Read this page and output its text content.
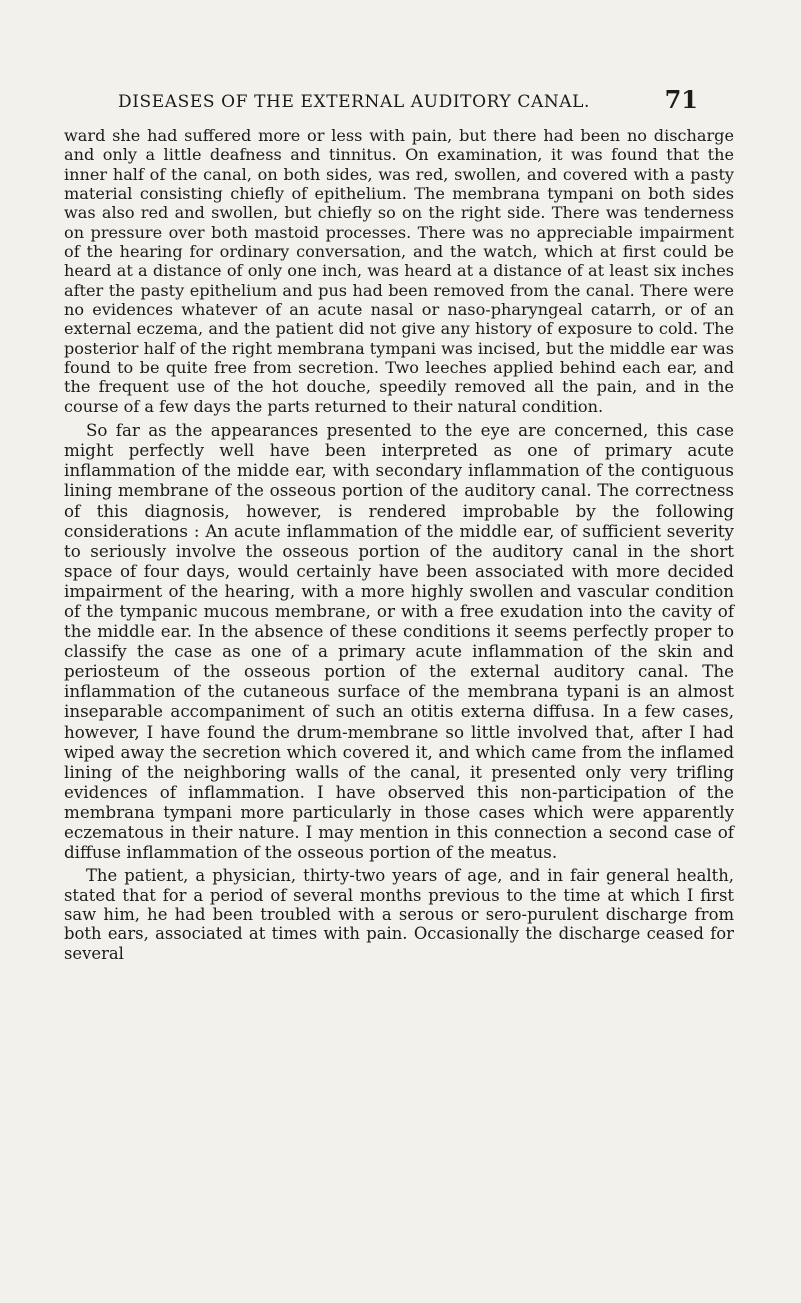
DISEASES OF THE EXTERNAL AUDITORY CANAL.	71

ward she had suffered more or less with pain, but there had been no discharge and only a little deafness and tinnitus. On examination, it was found that the inner half of the canal, on both sides, was red, swollen, and covered with a pasty material consisting chiefly of epithelium. The membrana tympani on both sides was also red and swollen, but chiefly so on the right side. There was tenderness on pressure over both mastoid processes. There was no appreciable impairment of the hearing for ordinary conversation, and the watch, which at first could be heard at a distance of only one inch, was heard at a distance of at least six inches after the pasty epithelium and pus had been removed from the canal. There were no evidences whatever of an acute nasal or naso-pharyngeal catarrh, or of an external eczema, and the patient did not give any history of exposure to cold. The posterior half of the right membrana tympani was incised, but the middle ear was found to be quite free from secretion. Two leeches applied behind each ear, and the frequent use of the hot douche, speedily removed all the pain, and in the course of a few days the parts returned to their natural condition.

So far as the appearances presented to the eye are concerned, this case might perfectly well have been interpreted as one of primary acute inflammation of the midde ear, with secondary inflammation of the contiguous lining membrane of the osseous portion of the auditory canal. The correctness of this diagnosis, however, is rendered improbable by the following considerations : An acute inflammation of the middle ear, of sufficient severity to seriously involve the osseous portion of the auditory canal in the short space of four days, would certainly have been associated with more decided impairment of the hearing, with a more highly swollen and vascular condition of the tympanic mucous membrane, or with a free exudation into the cavity of the middle ear. In the absence of these conditions it seems perfectly proper to classify the case as one of a primary acute inflammation of the skin and periosteum of the osseous portion of the external auditory canal. The inflammation of the cutaneous surface of the membrana typani is an almost inseparable accompaniment of such an otitis externa diffusa. In a few cases, however, I have found the drum-membrane so little involved that, after I had wiped away the secretion which covered it, and which came from the inflamed lining of the neighboring walls of the canal, it presented only very trifling evidences of inflammation. I have observed this non-participation of the membrana tympani more particularly in those cases which were apparently eczematous in their nature. I may mention in this connection a second case of diffuse inflammation of the osseous portion of the meatus.

The patient, a physician, thirty-two years of age, and in fair general health, stated that for a period of several months previous to the time at which I first saw him, he had been troubled with a serous or sero-purulent discharge from both ears, associated at times with pain. Occasionally the discharge ceased for several
